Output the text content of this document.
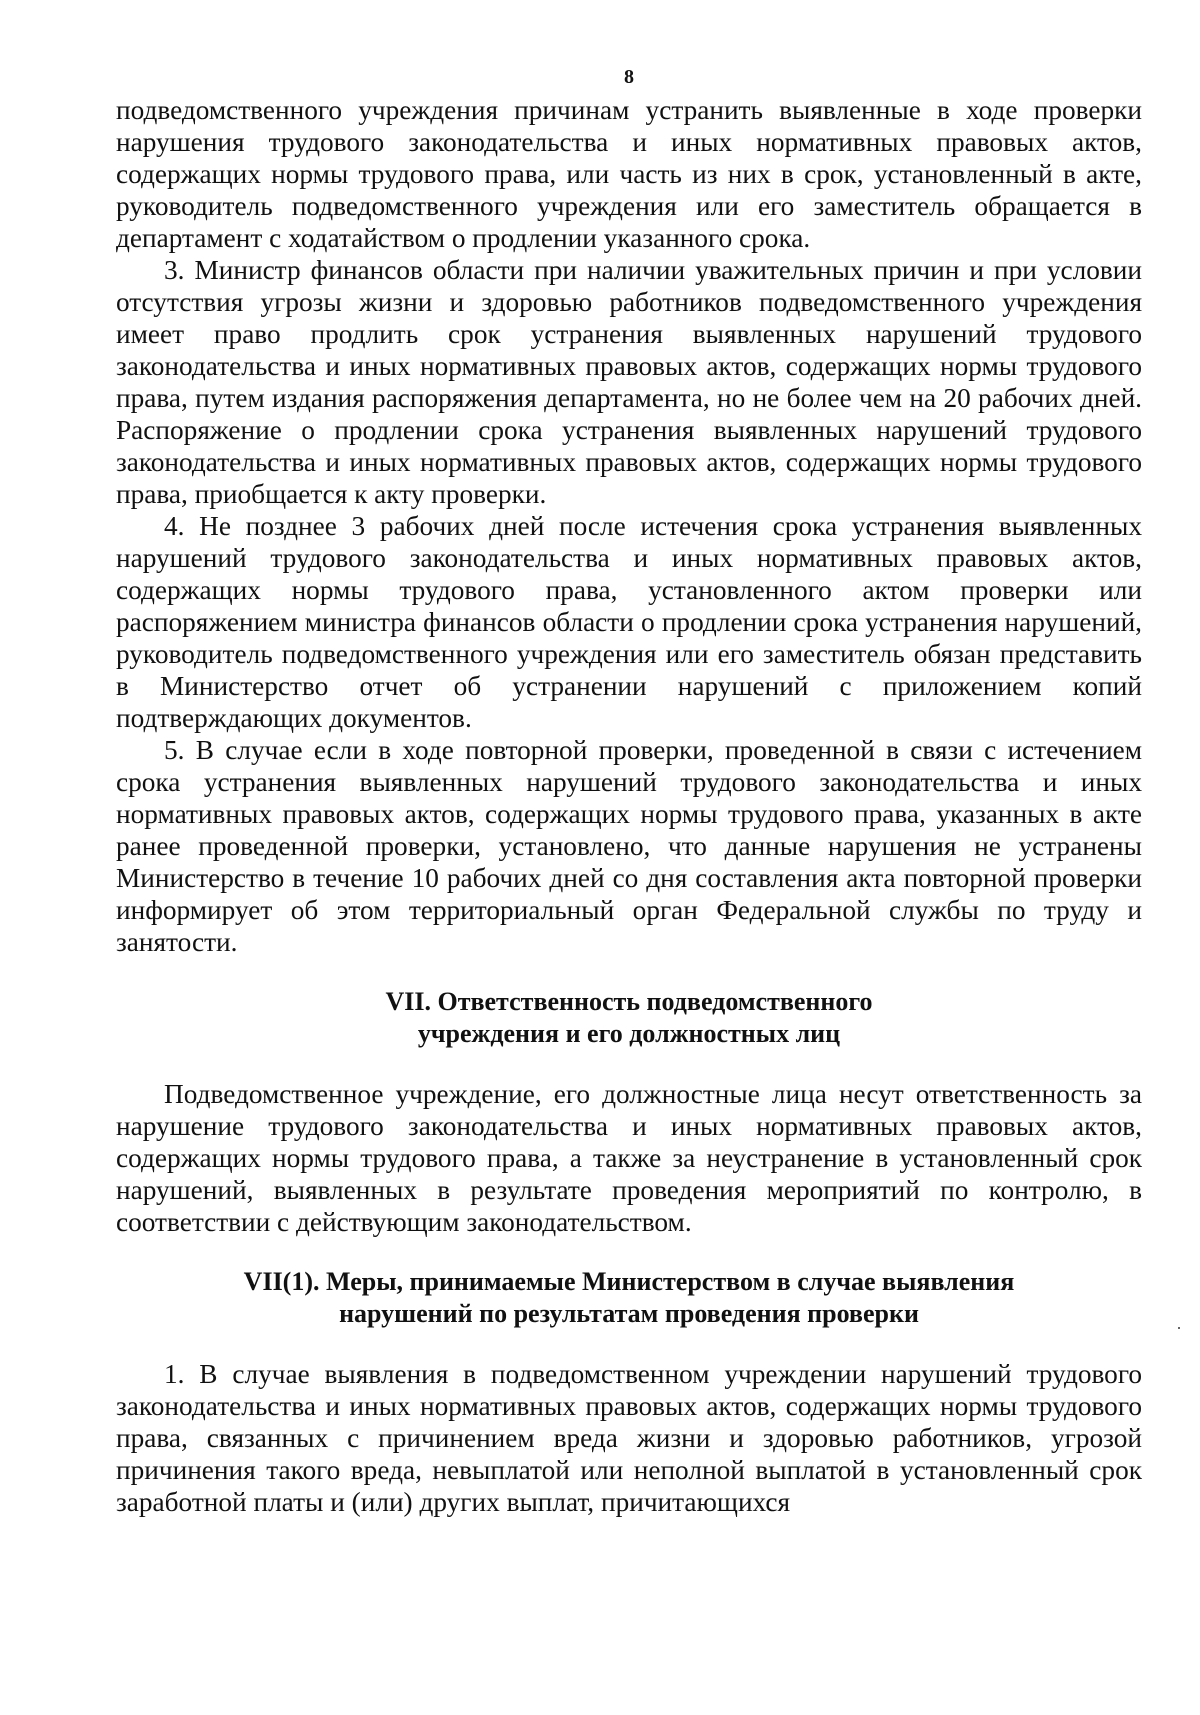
8

подведомственного учреждения причинам устранить выявленные в ходе проверки нарушения трудового законодательства и иных нормативных правовых актов, содержащих нормы трудового права, или часть из них в срок, установленный в акте, руководитель подведомственного учреждения или его заместитель обращается в департамент с ходатайством о продлении указанного срока.

3. Министр финансов области при наличии уважительных причин и при условии отсутствия угрозы жизни и здоровью работников подведомственного учреждения имеет право продлить срок устранения выявленных нарушений трудового законодательства и иных нормативных правовых актов, содержащих нормы трудового права, путем издания распоряжения департамента, но не более чем на 20 рабочих дней. Распоряжение о продлении срока устранения выявленных нарушений трудового законодательства и иных нормативных правовых актов, содержащих нормы трудового права, приобщается к акту проверки.

4. Не позднее 3 рабочих дней после истечения срока устранения выявленных нарушений трудового законодательства и иных нормативных правовых актов, содержащих нормы трудового права, установленного актом проверки или распоряжением министра финансов области о продлении срока устранения нарушений, руководитель подведомственного учреждения или его заместитель обязан представить в Министерство отчет об устранении нарушений с приложением копий подтверждающих документов.

5. В случае если в ходе повторной проверки, проведенной в связи с истечением срока устранения выявленных нарушений трудового законодательства и иных нормативных правовых актов, содержащих нормы трудового права, указанных в акте ранее проведенной проверки, установлено, что данные нарушения не устранены Министерство в течение 10 рабочих дней со дня составления акта повторной проверки информирует об этом территориальный орган Федеральной службы по труду и занятости.

VII. Ответственность подведомственного

учреждения и его должностных лиц

Подведомственное учреждение, его должностные лица несут ответственность за нарушение трудового законодательства и иных нормативных правовых актов, содержащих нормы трудового права, а также за неустранение в установленный срок нарушений, выявленных в результате проведения мероприятий по контролю, в соответствии с действующим законодательством.

VII(1). Меры, принимаемые Министерством в случае выявления

нарушений по результатам проведения проверки

1. В случае выявления в подведомственном учреждении нарушений трудового законодательства и иных нормативных правовых актов, содержащих нормы трудового права, связанных с причинением вреда жизни и здоровью работников, угрозой причинения такого вреда, невыплатой или неполной выплатой в установленный срок заработной платы и (или) других выплат, причитающихся
